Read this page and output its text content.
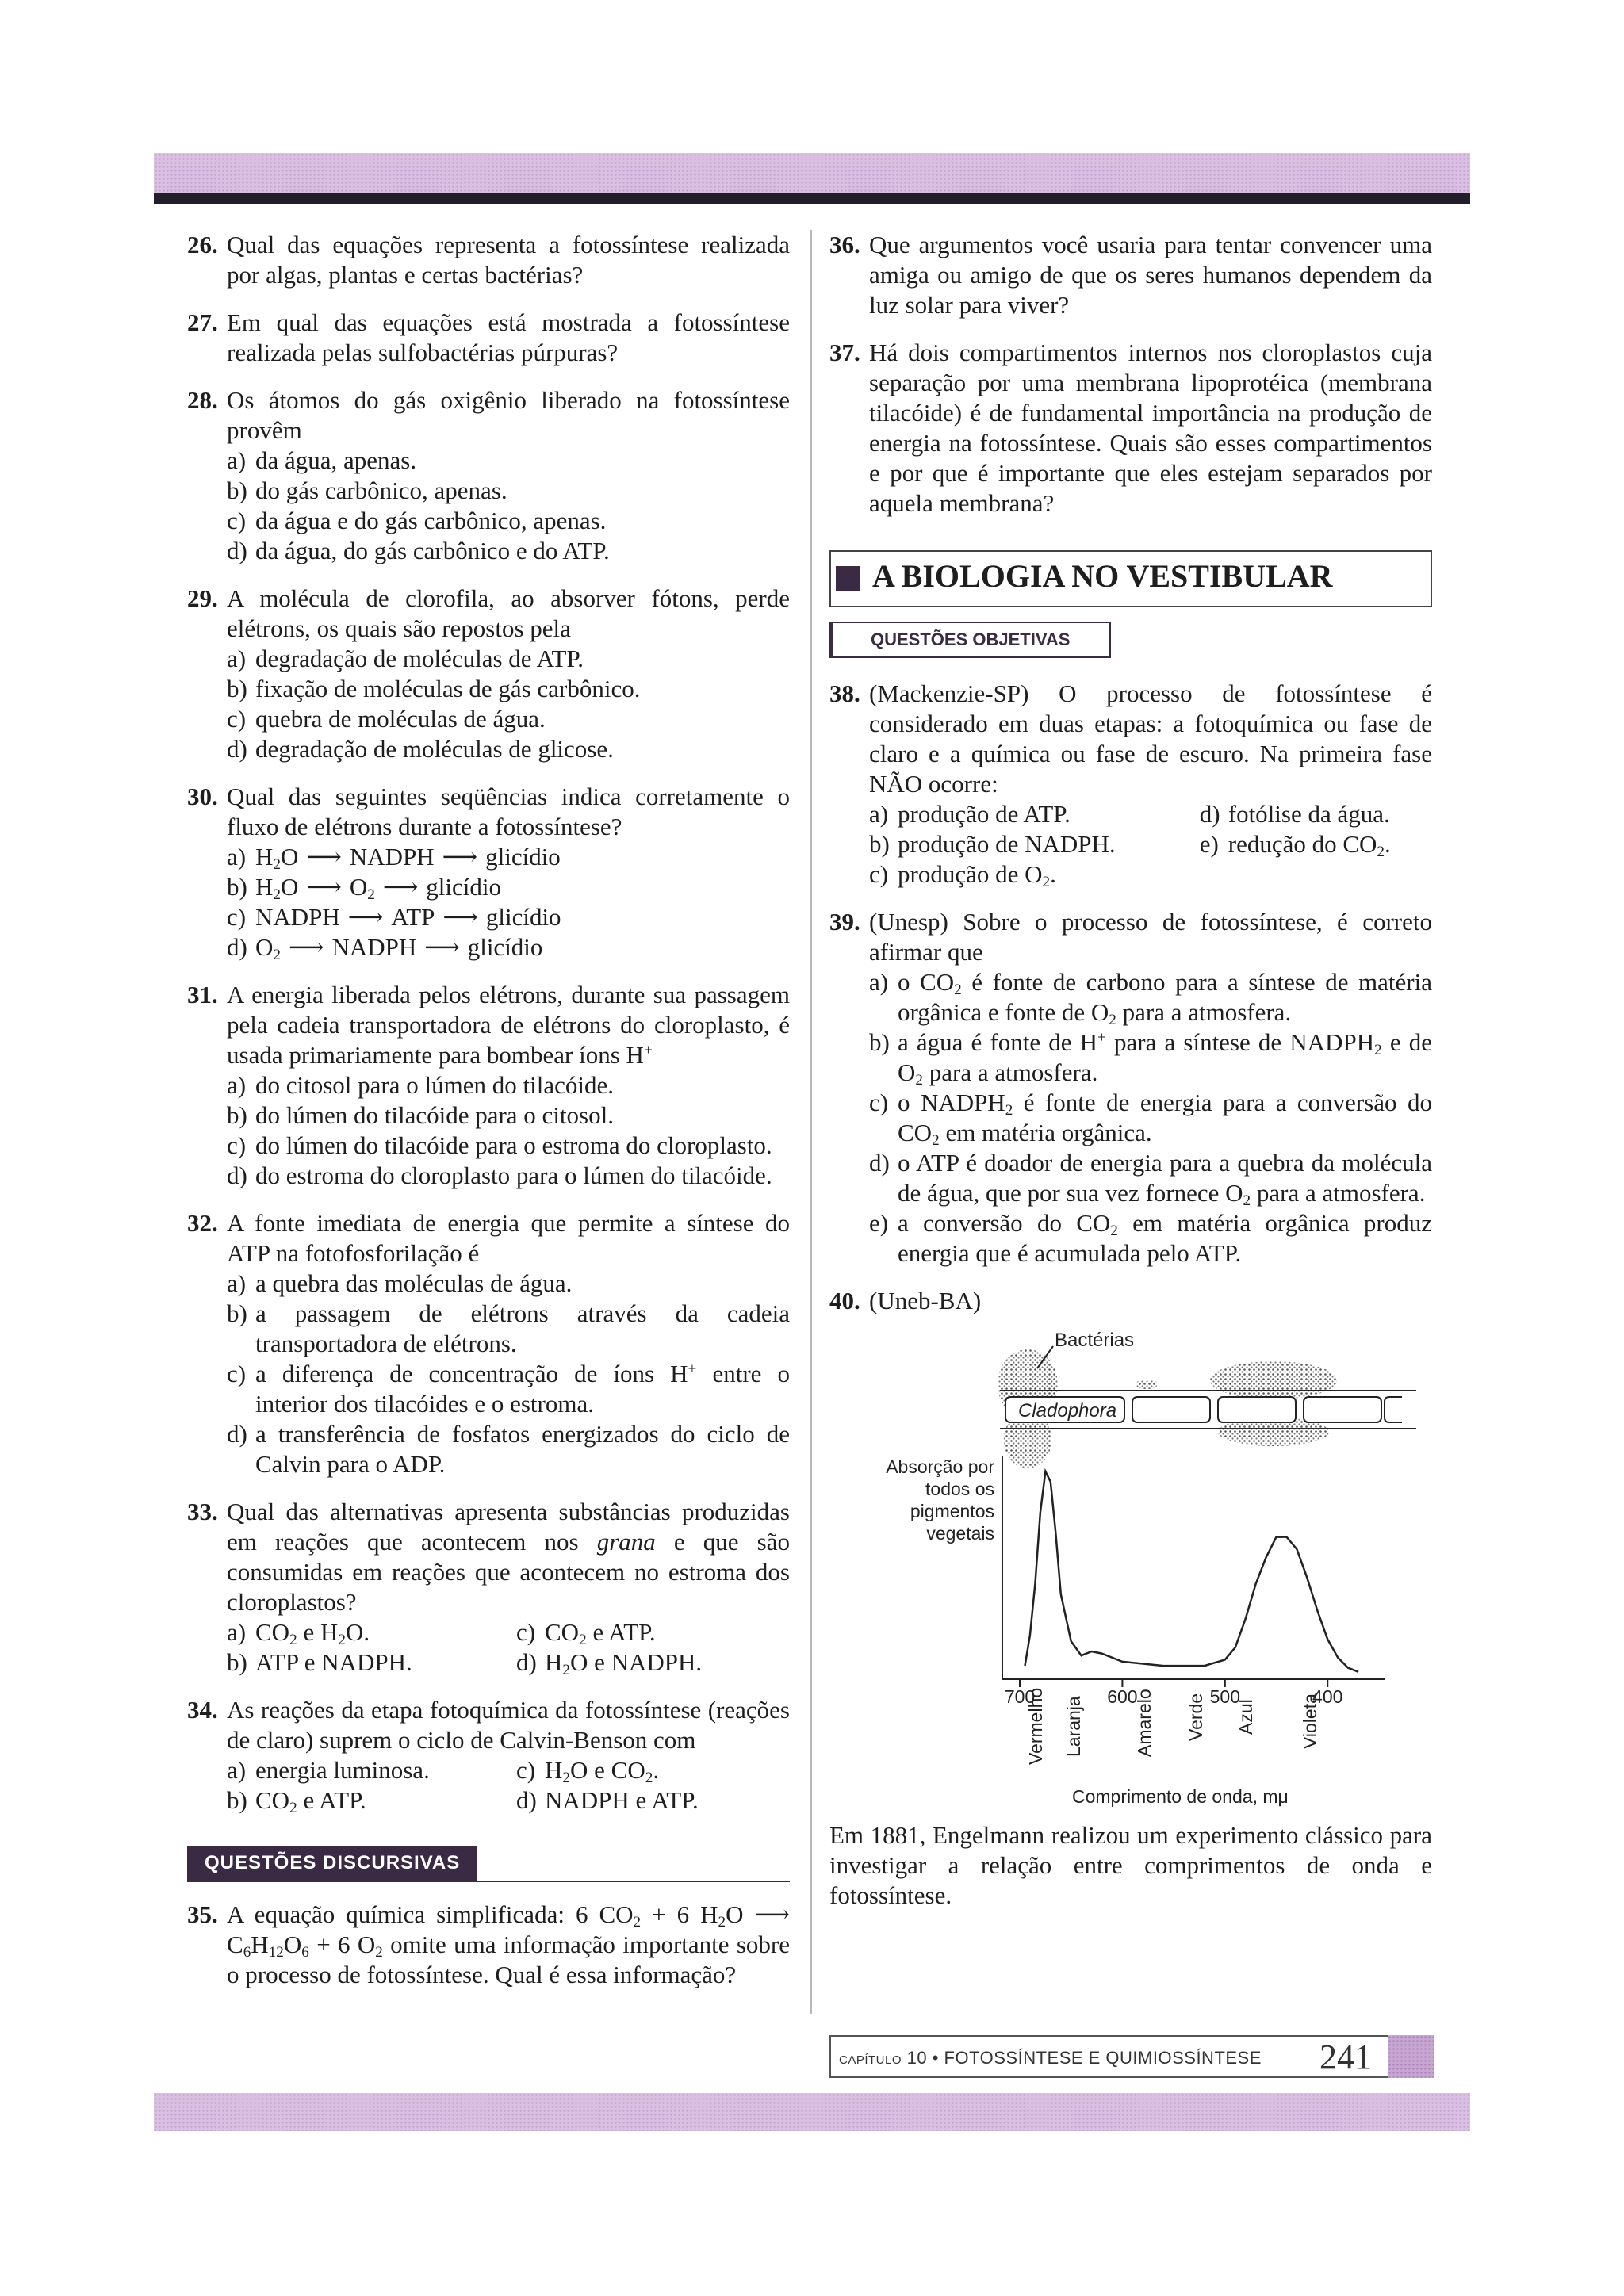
26. Qual das equações representa a fotossíntese realizada por algas, plantas e certas bactérias?
27. Em qual das equações está mostrada a fotossíntese realizada pelas sulfobactérias púrpuras?
28. Os átomos do gás oxigênio liberado na fotossíntese provêm
a) da água, apenas.
b) do gás carbônico, apenas.
c) da água e do gás carbônico, apenas.
d) da água, do gás carbônico e do ATP.
29. A molécula de clorofila, ao absorver fótons, perde elétrons, os quais são repostos pela
a) degradação de moléculas de ATP.
b) fixação de moléculas de gás carbônico.
c) quebra de moléculas de água.
d) degradação de moléculas de glicose.
30. Qual das seguintes seqüências indica corretamente o fluxo de elétrons durante a fotossíntese?
a) $H_2O$ ⟶ NADPH ⟶ glicídio
b) $H_2O$ ⟶ $O_2$ ⟶ glicídio
c) NADPH ⟶ ATP ⟶ glicídio
d) $O_2$ ⟶ NADPH ⟶ glicídio
31. A energia liberada pelos elétrons, durante sua passagem pela cadeia transportadora de elétrons do cloroplasto, é usada primariamente para bombear íons H+
a) do citosol para o lúmen do tilacóide.
b) do lúmen do tilacóide para o citosol.
c) do lúmen do tilacóide para o estroma do cloroplasto.
d) do estroma do cloroplasto para o lúmen do tilacóide.
32. A fonte imediata de energia que permite a síntese do ATP na fotofosforilação é
a) a quebra das moléculas de água.
b) a passagem de elétrons através da cadeia transportadora de elétrons.
c) a diferença de concentração de íons H+ entre o interior dos tilacóides e o estroma.
d) a transferência de fosfatos energizados do ciclo de Calvin para o ADP.
33. Qual das alternativas apresenta substâncias produzidas em reações que acontecem nos grana e que são consumidas em reações que acontecem no estroma dos cloroplastos?
a) $CO_2$ e $H_2O$.	c) $CO_2$ e ATP.
b) ATP e NADPH.	d) $H_2O$ e NADPH.
34. As reações da etapa fotoquímica da fotossíntese (reações de claro) suprem o ciclo de Calvin-Benson com
a) energia luminosa.	c) $H_2O$ e $CO_2$.
b) $CO_2$ e ATP.	d) NADPH e ATP.
QUESTÕES DISCURSIVAS
35. A equação química simplificada: 6 $CO_2 + 6$ $H_2O$ ⟶ $C_6H_{12}O_6 + 6$ $O_2$ omite uma informação importante sobre o processo de fotossíntese. Qual é essa informação?
36. Que argumentos você usaria para tentar convencer uma amiga ou amigo de que os seres humanos dependem da luz solar para viver?
37. Há dois compartimentos internos nos cloroplastos cuja separação por uma membrana lipoprotéica (membrana tilacóide) é de fundamental importância na produção de energia na fotossíntese. Quais são esses compartimentos e por que é importante que eles estejam separados por aquela membrana?
A BIOLOGIA NO VESTIBULAR
QUESTÕES OBJETIVAS
38. (Mackenzie-SP) O processo de fotossíntese é considerado em duas etapas: a fotoquímica ou fase de claro e a química ou fase de escuro. Na primeira fase NÃO ocorre:
a) produção de ATP.	d) fotólise da água.
b) produção de NADPH.	e) redução do $CO_2$.
c) produção de $O_2$.
39. (Unesp) Sobre o processo de fotossíntese, é correto afirmar que
a) o $CO_2$ é fonte de carbono para a síntese de matéria orgânica e fonte de $O_2$ para a atmosfera.
b) a água é fonte de H+ para a síntese de $NADPH_2$ e de $O_2$ para a atmosfera.
c) o $NADPH_2$ é fonte de energia para a conversão do $CO_2$ em matéria orgânica.
d) o ATP é doador de energia para a quebra da molécula de água, que por sua vez fornece $O_2$ para a atmosfera.
e) a conversão do $CO_2$ em matéria orgânica produz energia que é acumulada pelo ATP.
40. (Uneb-BA)
Cladophora
Bactérias
Absorção por
todos os
pigmentos
vegetais
700	600	500	400
Vermelho Laranja	Amarelo Verde Azul Violeta
Comprimento de onda, mμ
Em 1881, Engelmann realizou um experimento clássico para investigar a relação entre comprimentos de onda e fotossíntese.
CAPÍTULO 10 • FOTOSSÍNTESE E QUIMIOSSÍNTESE 241
